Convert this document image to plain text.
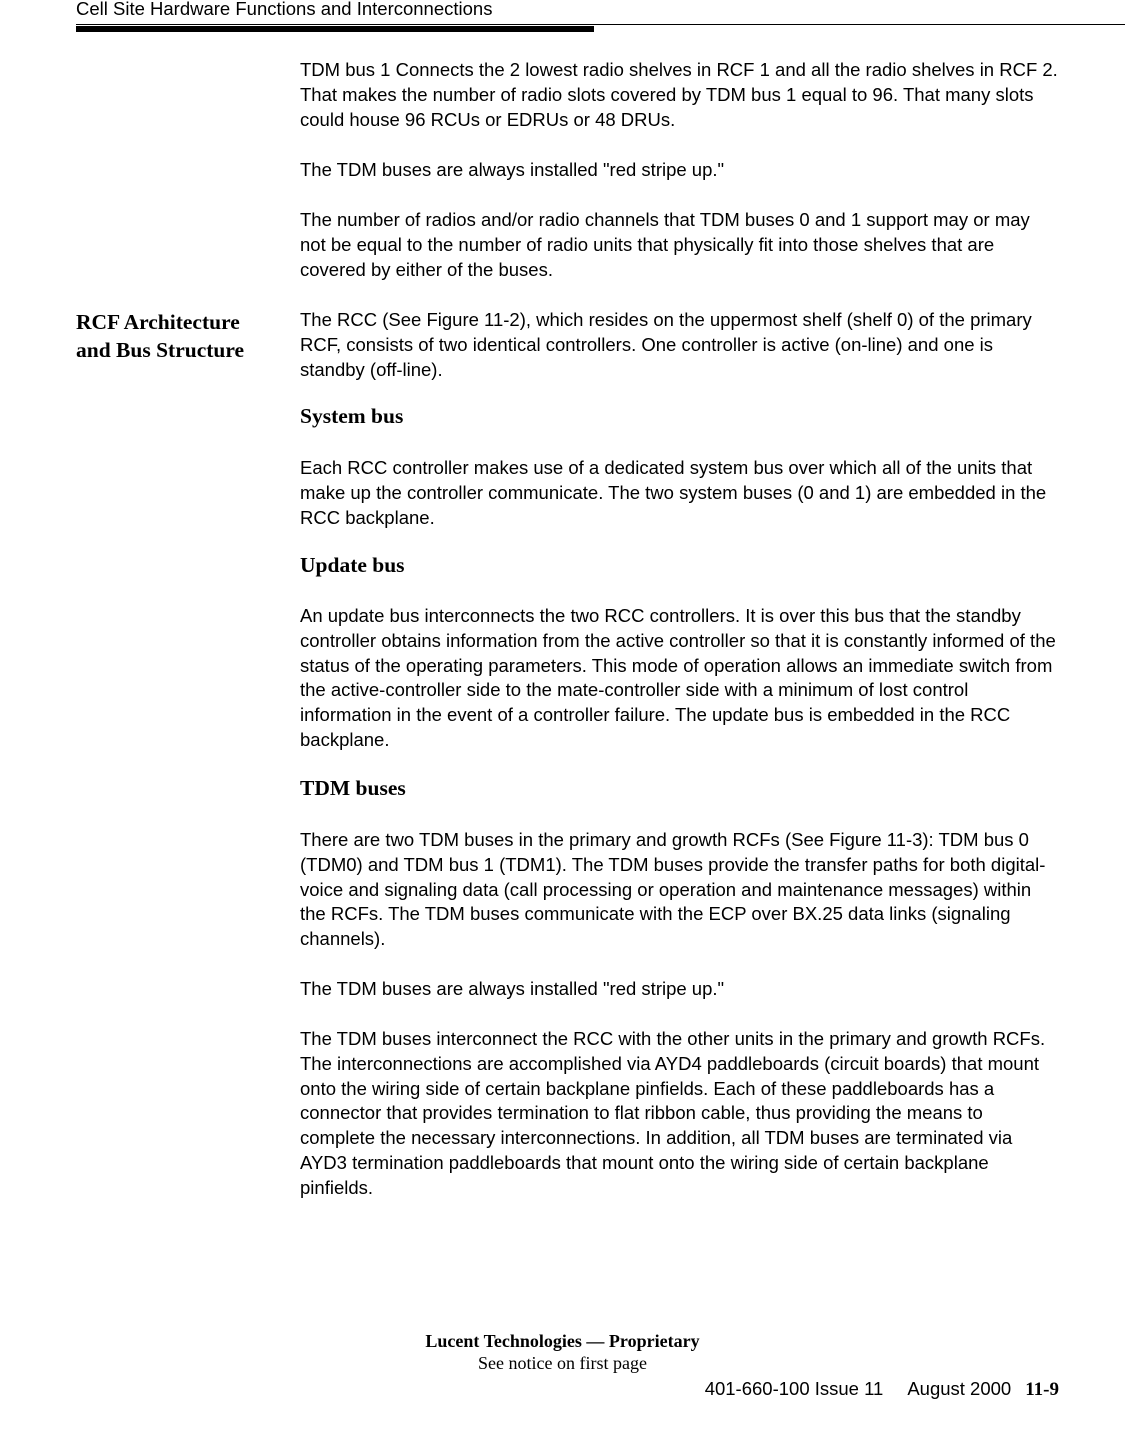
Cell Site Hardware Functions and Interconnections

TDM bus 1 Connects the 2 lowest radio shelves in RCF 1 and all the radio shelves in RCF 2. That makes the number of radio slots covered by TDM bus 1 equal to 96. That many slots could house 96 RCUs or EDRUs or 48 DRUs.

The TDM buses are always installed "red stripe up."

The number of radios and/or radio channels that TDM buses 0 and 1 support may or may not be equal to the number of radio units that physically fit into those shelves that are covered by either of the buses.

RCF Architecture
and Bus Structure

The RCC (See Figure 11-2), which resides on the uppermost shelf (shelf 0) of the primary RCF, consists of two identical controllers. One controller is active (on-line) and one is standby (off-line).

System bus

Each RCC controller makes use of a dedicated system bus over which all of the units that make up the controller communicate. The two system buses (0 and 1) are embedded in the RCC backplane.

Update bus

An update bus interconnects the two RCC controllers. It is over this bus that the standby controller obtains information from the active controller so that it is constantly informed of the status of the operating parameters. This mode of operation allows an immediate switch from the active-controller side to the mate-controller side with a minimum of lost control information in the event of a controller failure. The update bus is embedded in the RCC backplane.

TDM buses

There are two TDM buses in the primary and growth RCFs (See Figure 11-3): TDM bus 0 (TDM0) and TDM bus 1 (TDM1). The TDM buses provide the transfer paths for both digital-voice and signaling data (call processing or operation and maintenance messages) within the RCFs. The TDM buses communicate with the ECP over BX.25 data links (signaling channels).

The TDM buses are always installed "red stripe up."

The TDM buses interconnect the RCC with the other units in the primary and growth RCFs. The interconnections are accomplished via AYD4 paddleboards (circuit boards) that mount onto the wiring side of certain backplane pinfields. Each of these paddleboards has a connector that provides termination to flat ribbon cable, thus providing the means to complete the necessary interconnections. In addition, all TDM buses are terminated via AYD3 termination paddleboards that mount onto the wiring side of certain backplane pinfields.

Lucent Technologies — Proprietary
See notice on first page
401-660-100 Issue 11 August 2000 11-9
